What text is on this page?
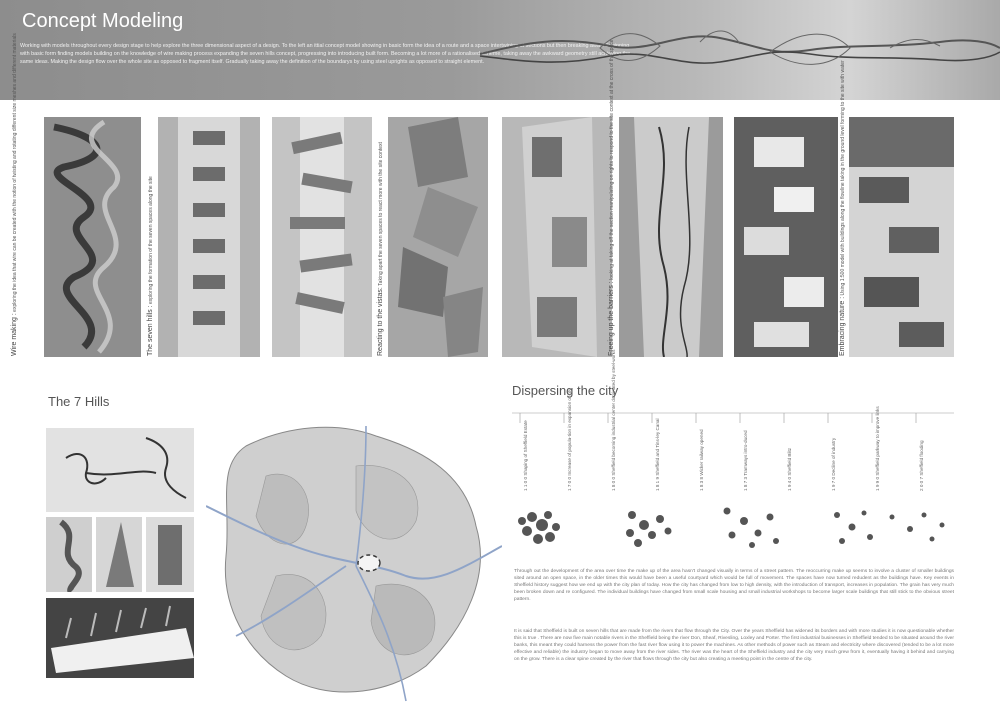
Concept Modeling
Working with models throughout every design stage to help explore the three dimensional aspect of a design. To the left an ittial concept model showing in basic form the idea of a route and a space intertwining at sections but then breaking away. Beginning with basic form finding models building on the knowledge of wire making process expanding the seven hills concept, progressing into introducing built form. Becoming a lot more of a rationalised scheme, taking away the awkward geometry still achieving the same ideas. Making the design flow over the whole site as opposed to fragment itself. Gradually taking away the definition of the boundarys by using steel uprights as opposed to straight element.
Wire making : exploring the idea that wire can be created with the notion of twisting and rotating different size meshes and different materials
The seven hills : exploring the formation of the seven spaces along the site
Reacting to the vistas: Taking apart the seven spaces to react more with the site context
Freeing up the barriers : looking at taking off the section manipulating on rights to respond to the site context at the cross of the space
Embracing nature : Using 1:500 model with buildings along the flowline taking in the ground level forming to the site with water
The 7 Hills
Dispersing the city
1 1 0 0 Shaping of Sheffield Estate
1 7 0 0 Increase of popula-tion in expansion of city
1 8 0 0 Sheffield becoming industrial center dominated by steel-works
1 8 1 9 Sheffield and Tins-ley Canal
1 8 3 8 Wicker railway opened
1 8 7 3 Tramways intro-duced
1 9 4 0 Sheffield Blitz
1 9 7 0 Decline of industry
1 9 9 0 Sheffield parkway to improve links
2 0 0 7 Sheffield flooding
Through out the development of the area over time the make up of the area hasn't changed visually in terms of a street pattern. The reoccurring make up seems to involve a cluster of smaller buildings sited around an open space, in the older times this would have been a useful courtyard which would be full of movement. The spaces have now turned redudent as the buildings have. Key events in Sheffield history suggest how we end up with the city plan of today. How the city has changed from low to high density, with the introduction of transport, increases in population. The grain has very much been broken down and re configured. The individual buildings have changed from small scale housing and small industrial workshops to become larger scale buildings that still stick to the obvious street pattern.
It is said that Sheffield is built on seven hills that are made from the rivers that flow through the City. Over the years Sheffield has widened its borders and with more studies it is now questionable whether this is true . There are now five main notable rivers in the Sheffield being the river Don, Sheaf, Rivesling, Loxley and Porter. The first industrial businesses in Sheffield tended to be situated around the river banks, this meant they could harness the power from the fast river flow using it to power the machines. As other methods of power such as Steam and electricity where discovered (tended to be a lot more effective and reliable) the industry began to move away from the river sides. The river was the heart of the Sheffield industry and the city very much grew from it, eventually having it behind and carrying on the grow. There is a clear spine created by the river that flows through the city but also creating a meeting point in the centre of the city.
